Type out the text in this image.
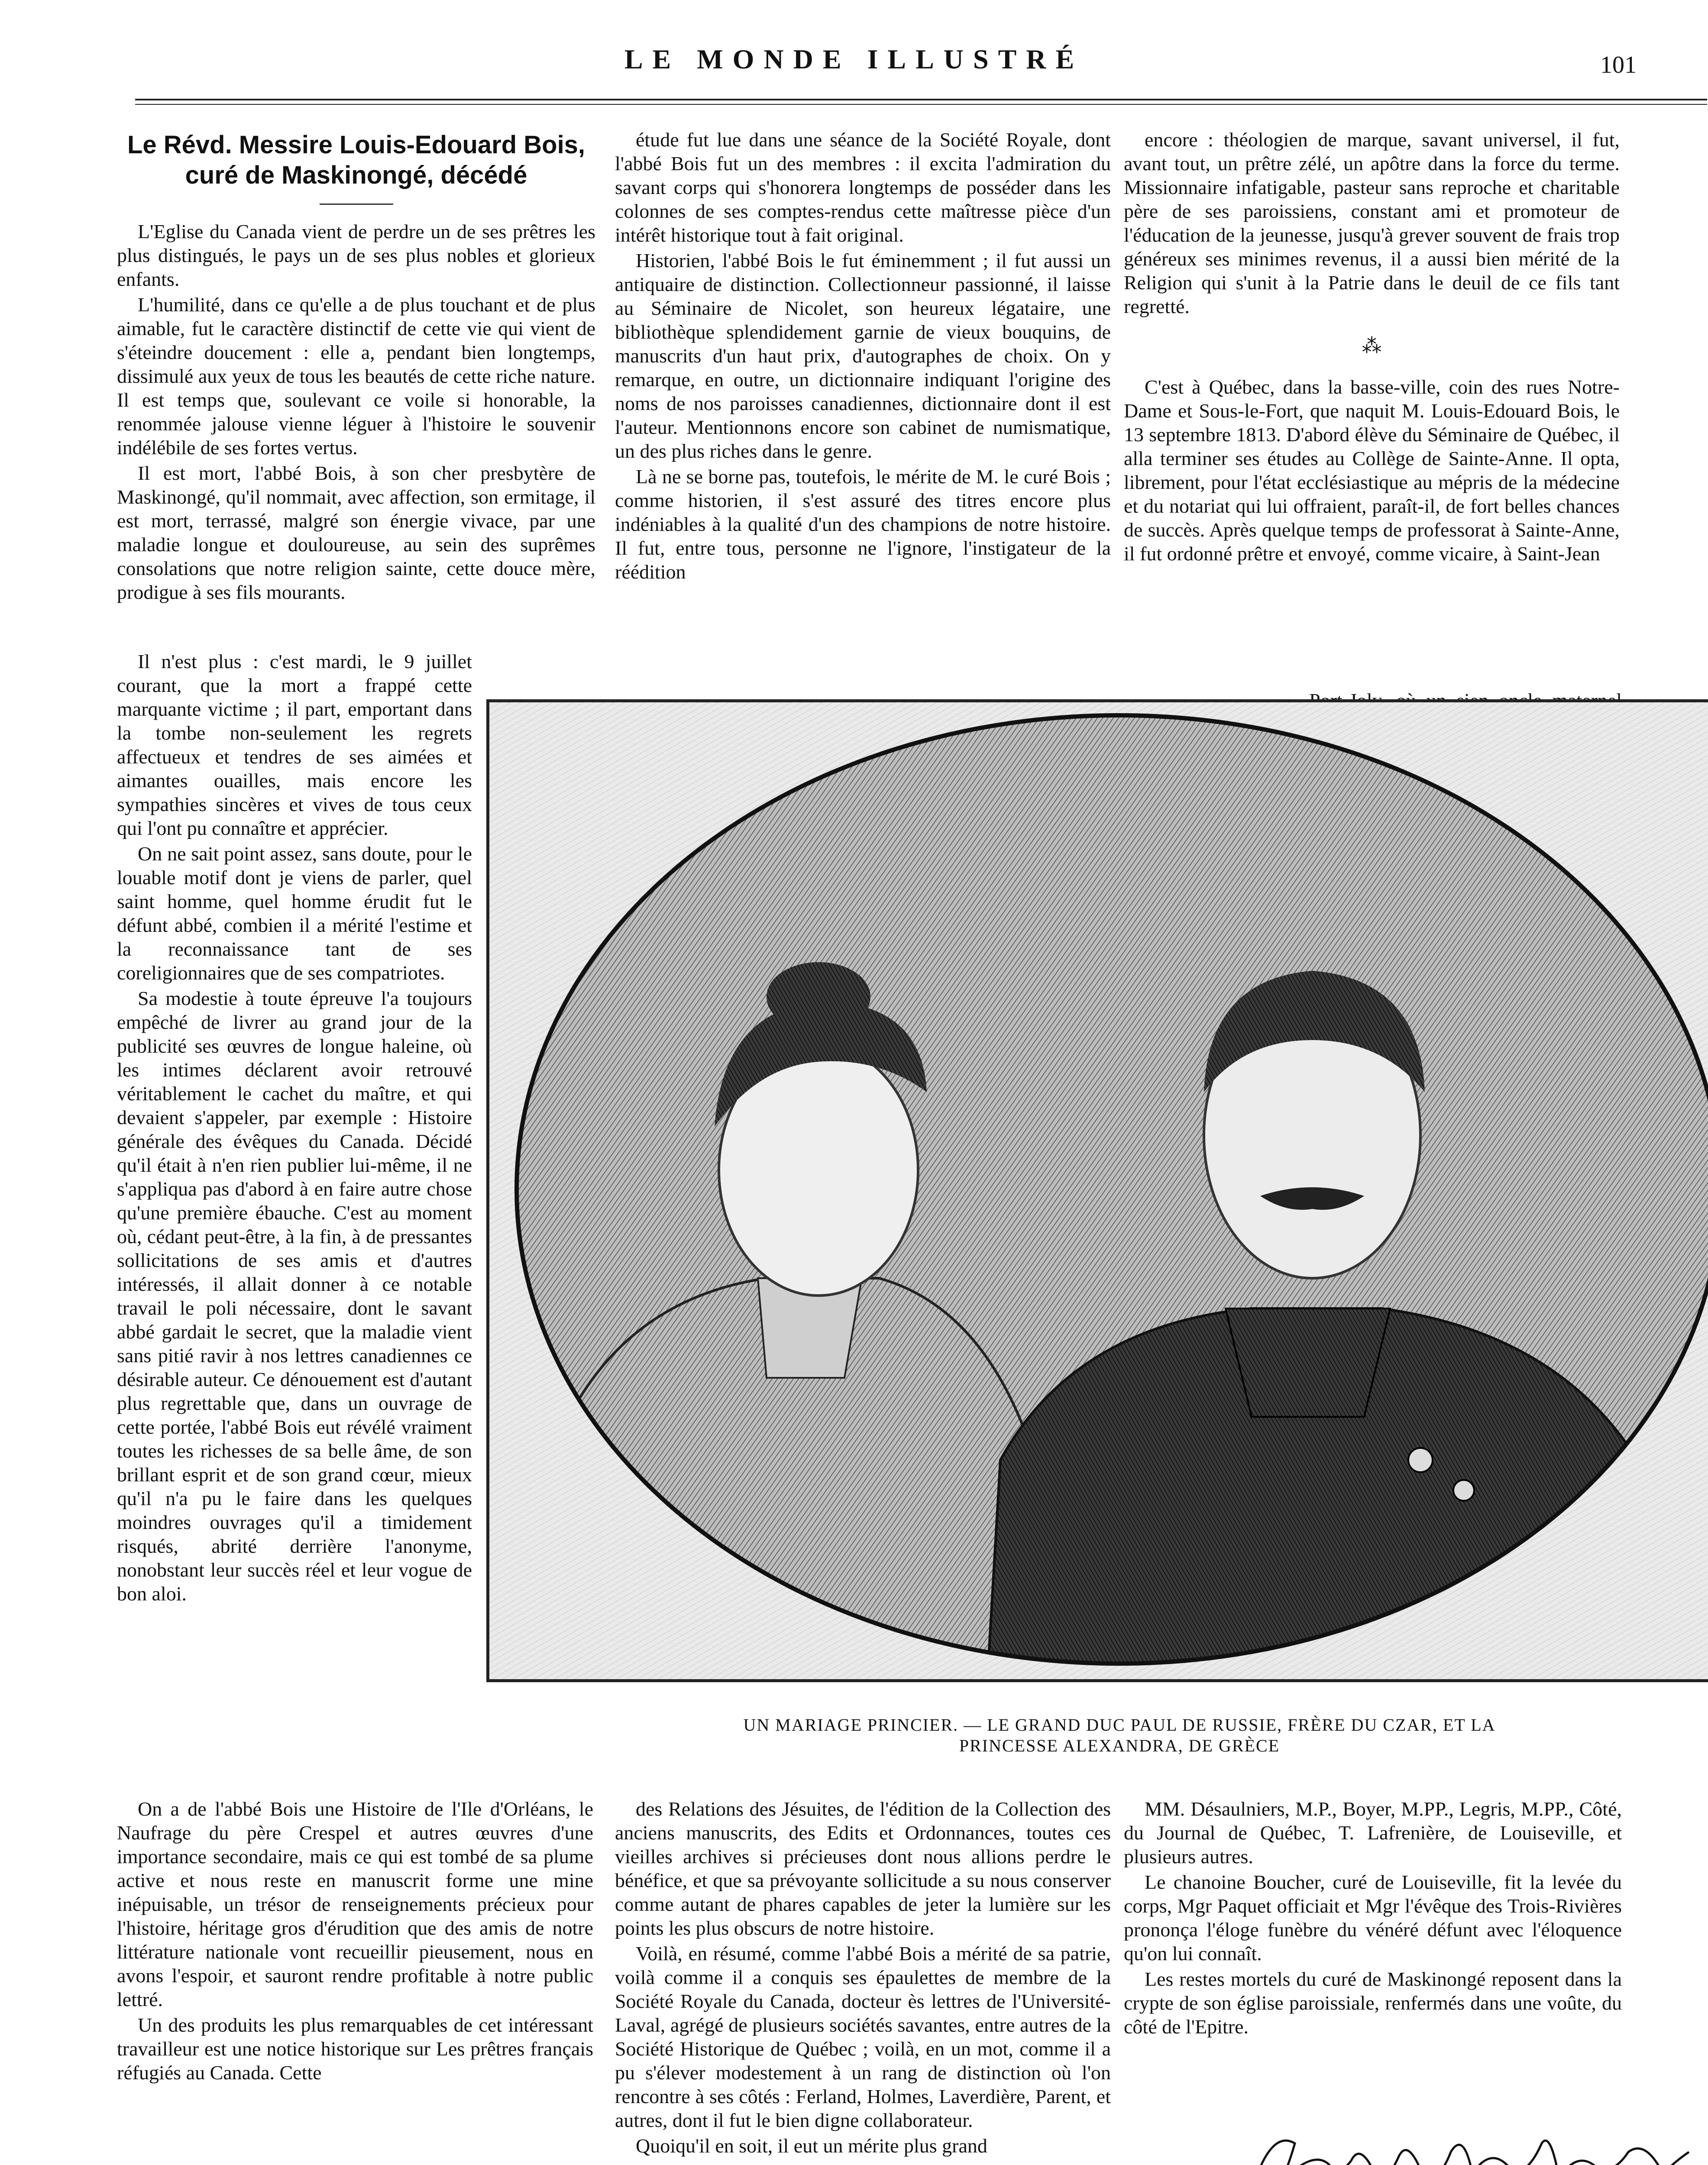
LE MONDE ILLUSTRÉ	101
Le Révd. Messire Louis-Edouard Bois, curé de Maskinongé, décédé

L'Eglise du Canada vient de perdre un de ses prêtres les plus distingués, le pays un de ses plus nobles et glorieux enfants.

L'humilité, dans ce qu'elle a de plus touchant et de plus aimable, fut le caractère distinctif de cette vie qui vient de s'éteindre doucement : elle a, pendant bien longtemps, dissimulé aux yeux de tous les beautés de cette riche nature. Il est temps que, soulevant ce voile si honorable, la renommée jalouse vienne léguer à l'histoire le souvenir indélébile de ses fortes vertus.

Il est mort, l'abbé Bois, à son cher presbytère de Maskinongé, qu'il nommait, avec affection, son ermitage, il est mort, terrassé, malgré son énergie vivace, par une maladie longue et douloureuse, au sein des suprêmes consolations que notre religion sainte, cette douce mère, prodigue à ses fils mourants.

Il n'est plus : c'est mardi, le 9 juillet courant, que la mort a frappé cette marquante victime ; il part, emportant dans la tombe non-seulement les regrets affectueux et tendres de ses aimées et aimantes ouailles, mais encore les sympathies sincères et vives de tous ceux qui l'ont pu connaître et apprécier.

On ne sait point assez, sans doute, pour le louable motif dont je viens de parler, quel saint homme, quel homme érudit fut le défunt abbé, combien il a mérité l'estime et la reconnaissance tant de ses coreligionnaires que de ses compatriotes.

Sa modestie à toute épreuve l'a toujours empêché de livrer au grand jour de la publicité ses œuvres de longue haleine, où les intimes déclarent avoir retrouvé véritablement le cachet du maître, et qui devaient s'appeler, par exemple : Histoire générale des évêques du Canada. Décidé qu'il était à n'en rien publier lui-même, il ne s'appliqua pas d'abord à en faire autre chose qu'une première ébauche. C'est au moment où, cédant peut-être, à la fin, à de pressantes sollicitations de ses amis et d'autres intéressés, il allait donner à ce notable travail le poli nécessaire, dont le savant abbé gardait le secret, que la maladie vient sans pitié ravir à nos lettres canadiennes ce désirable auteur. Ce dénouement est d'autant plus regrettable que, dans un ouvrage de cette portée, l'abbé Bois eut révélé vraiment toutes les richesses de sa belle âme, de son brillant esprit et de son grand cœur, mieux qu'il n'a pu le faire dans les quelques moindres ouvrages qu'il a timidement risqués, abrité derrière l'anonyme, nonobstant leur succès réel et leur vogue de bon aloi.

On a de l'abbé Bois une Histoire de l'Ile d'Orléans, le Naufrage du père Crespel et autres œuvres d'une importance secondaire, mais ce qui est tombé de sa plume active et nous reste en manuscrit forme une mine inépuisable, un trésor de renseignements précieux pour l'histoire, héritage gros d'érudition que des amis de notre littérature nationale vont recueillir pieusement, nous en avons l'espoir, et sauront rendre profitable à notre public lettré.

Un des produits les plus remarquables de cet intéressant travailleur est une notice historique sur Les prêtres français réfugiés au Canada. Cette

étude fut lue dans une séance de la Société Royale, dont l'abbé Bois fut un des membres : il excita l'admiration du savant corps qui s'honorera longtemps de posséder dans les colonnes de ses comptes-rendus cette maîtresse pièce d'un intérêt historique tout à fait original.

Historien, l'abbé Bois le fut éminemment ; il fut aussi un antiquaire de distinction. Collectionneur passionné, il laisse au Séminaire de Nicolet, son heureux légataire, une bibliothèque splendidement garnie de vieux bouquins, de manuscrits d'un haut prix, d'autographes de choix. On y remarque, en outre, un dictionnaire indiquant l'origine des noms de nos paroisses canadiennes, dictionnaire dont il est l'auteur. Mentionnons encore son cabinet de numismatique, un des plus riches dans le genre.

Là ne se borne pas, toutefois, le mérite de M. le curé Bois ; comme historien, il s'est assuré des titres encore plus indéniables à la qualité d'un des champions de notre histoire. Il fut, entre tous, personne ne l'ignore, l'instigateur de la réédition

des Relations des Jésuites, de l'édition de la Collection des anciens manuscrits, des Edits et Ordonnances, toutes ces vieilles archives si précieuses dont nous allions perdre le bénéfice, et que sa prévoyante sollicitude a su nous conserver comme autant de phares capables de jeter la lumière sur les points les plus obscurs de notre histoire.

Voilà, en résumé, comme l'abbé Bois a mérité de sa patrie, voilà comme il a conquis ses épaulettes de membre de la Société Royale du Canada, docteur ès lettres de l'Université-Laval, agrégé de plusieurs sociétés savantes, entre autres de la Société Historique de Québec ; voilà, en un mot, comme il a pu s'élever modestement à un rang de distinction où l'on rencontre à ses côtés : Ferland, Holmes, Laverdière, Parent, et autres, dont il fut le bien digne collaborateur.

Quoiqu'il en soit, il eut un mérite plus grand

encore : théologien de marque, savant universel, il fut, avant tout, un prêtre zélé, un apôtre dans la force du terme. Missionnaire infatigable, pasteur sans reproche et charitable père de ses paroissiens, constant ami et promoteur de l'éducation de la jeunesse, jusqu'à grever souvent de frais trop généreux ses minimes revenus, il a aussi bien mérité de la Religion qui s'unit à la Patrie dans le deuil de ce fils tant regretté.

⁂

C'est à Québec, dans la basse-ville, coin des rues Notre-Dame et Sous-le-Fort, que naquit M. Louis-Edouard Bois, le 13 septembre 1813. D'abord élève du Séminaire de Québec, il alla terminer ses études au Collège de Sainte-Anne. Il opta, librement, pour l'état ecclésiastique au mépris de la médecine et du notariat qui lui offraient, paraît-il, de fort belles chances de succès. Après quelque temps de professorat à Sainte-Anne, il fut ordonné prêtre et envoyé, comme vicaire, à Saint-Jean

MM. Désaulniers, M.P., Boyer, M.PP., Legris, M.PP., Côté, du Journal de Québec, T. Lafrenière, de Louiseville, et plusieurs autres.

Le chanoine Boucher, curé de Louiseville, fit la levée du corps, Mgr Paquet officiait et Mgr l'évêque des Trois-Rivières prononça l'éloge funèbre du vénéré défunt avec l'éloquence qu'on lui connaît.

Les restes mortels du curé de Maskinongé reposent dans la crypte de son église paroissiale, renfermés dans une voûte, du côté de l'Epitre.

UN MARIAGE PRINCIER. — LE GRAND DUC PAUL DE RUSSIE, FRÈRE DU CZAR, ET LA
PRINCESSE ALEXANDRA, DE GRÈCE
